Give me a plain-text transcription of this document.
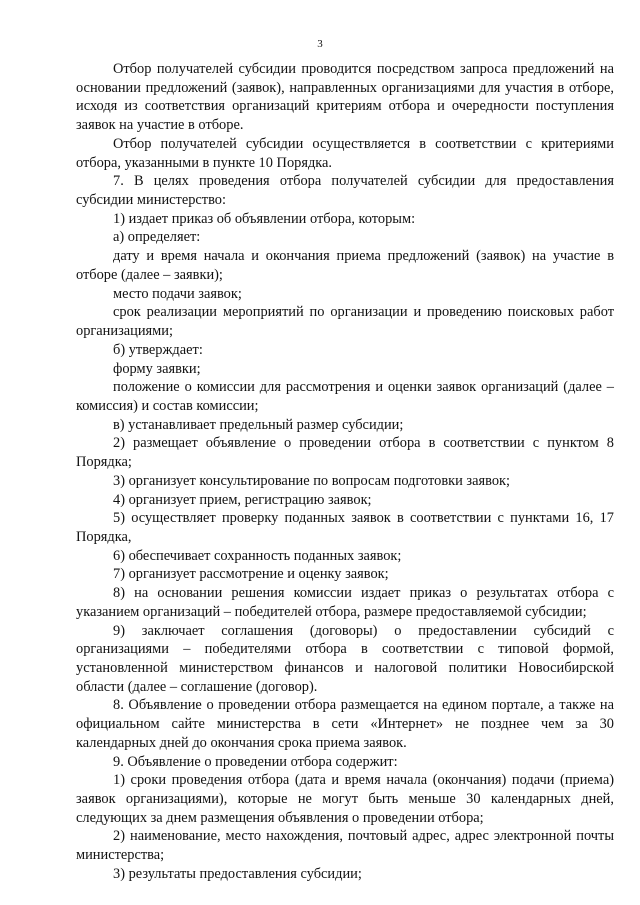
3

Отбор получателей субсидии проводится посредством запроса предложений на основании предложений (заявок), направленных организациями для участия в отборе, исходя из соответствия организаций критериям отбора и очередности поступления заявок на участие в отборе.

Отбор получателей субсидии осуществляется в соответствии с критериями отбора, указанными в пункте 10 Порядка.

7. В целях проведения отбора получателей субсидии для предоставления субсидии министерство:

1) издает приказ об объявлении отбора, которым:

а) определяет:

дату и время начала и окончания приема предложений (заявок) на участие в отборе (далее – заявки);

место подачи заявок;

срок реализации мероприятий по организации и проведению поисковых работ организациями;

б) утверждает:

форму заявки;

положение о комиссии для рассмотрения и оценки заявок организаций (далее – комиссия) и состав комиссии;

в) устанавливает предельный размер субсидии;

2) размещает объявление о проведении отбора в соответствии с пунктом 8 Порядка;

3) организует консультирование по вопросам подготовки заявок;

4) организует прием, регистрацию заявок;

5) осуществляет проверку поданных заявок в соответствии с пунктами 16, 17 Порядка,

6) обеспечивает сохранность поданных заявок;

7) организует рассмотрение и оценку заявок;

8) на основании решения комиссии издает приказ о результатах отбора с указанием организаций – победителей отбора, размере предоставляемой субсидии;

9) заключает соглашения (договоры) о предоставлении субсидий с организациями – победителями отбора в соответствии с типовой формой, установленной министерством финансов и налоговой политики Новосибирской области (далее – соглашение (договор).

8. Объявление о проведении отбора размещается на едином портале, а также на официальном сайте министерства в сети «Интернет» не позднее чем за 30 календарных дней до окончания срока приема заявок.

9. Объявление о проведении отбора содержит:

1) сроки проведения отбора (дата и время начала (окончания) подачи (приема) заявок организациями), которые не могут быть меньше 30 календарных дней, следующих за днем размещения объявления о проведении отбора;

2) наименование, место нахождения, почтовый адрес, адрес электронной почты министерства;

3) результаты предоставления субсидии;
